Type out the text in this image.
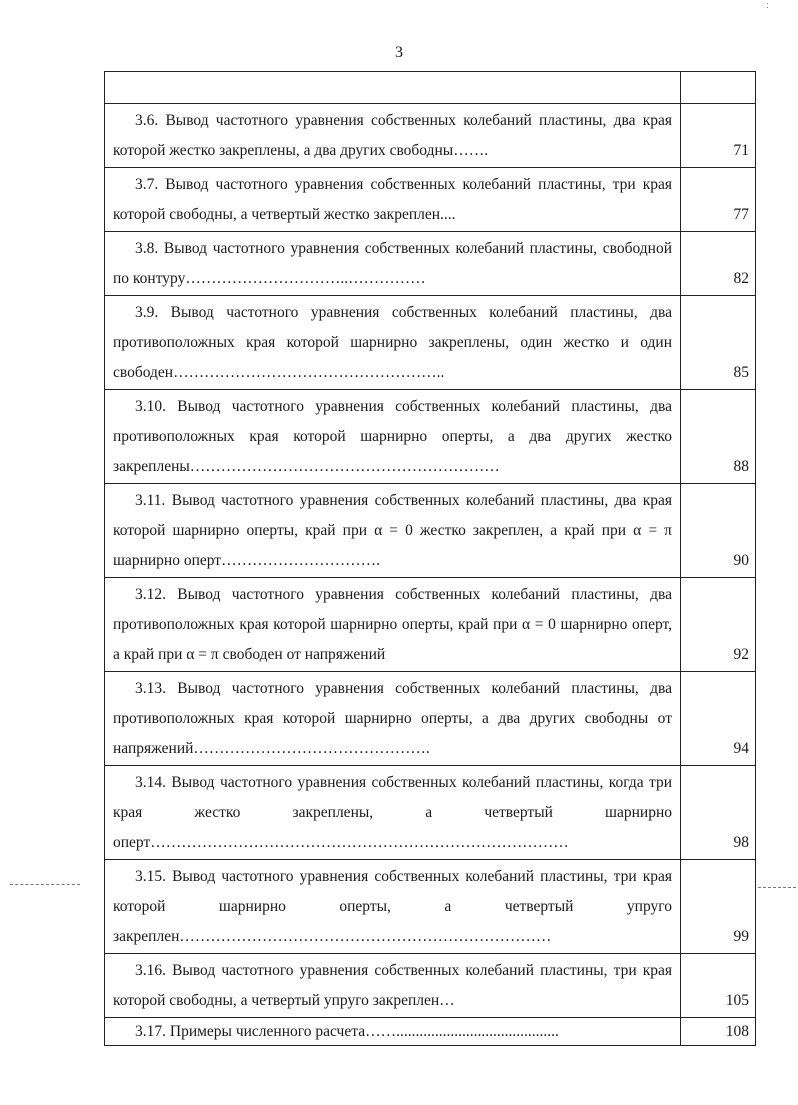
3

3.6. Вывод частотного уравнения собственных колебаний пластины, два края которой жестко закреплены, а два других свободны…….	71

3.7. Вывод частотного уравнения собственных колебаний пластины, три края которой свободны, а четвертый жестко закреплен....	77

3.8. Вывод частотного уравнения собственных колебаний пластины, свободной по контуру…………………………..……………	82

3.9. Вывод частотного уравнения собственных колебаний пластины, два противоположных края которой шарнирно закреплены, один жестко и один свободен……………………………………………..	85

3.10. Вывод частотного уравнения собственных колебаний пластины, два противоположных края которой шарнирно оперты, а два других жестко закреплены……………………………………………………	88

3.11. Вывод частотного уравнения собственных колебаний пластины, два края которой шарнирно оперты, край при α = 0 жестко закреплен, а край при α = π шарнирно оперт………………………….	90

3.12. Вывод частотного уравнения собственных колебаний пластины, два противоположных края которой шарнирно оперты, край при α = 0 шарнирно оперт, а край при α = π свободен от напряжений	92

3.13. Вывод частотного уравнения собственных колебаний пластины, два противоположных края которой шарнирно оперты, а два других свободны от напряжений……………………………………….	94

3.14. Вывод частотного уравнения собственных колебаний пластины, когда три края жестко закреплены, а четвертый шарнирно оперт………………………………………………………………………	98

3.15. Вывод частотного уравнения собственных колебаний пластины, три края которой шарнирно оперты, а четвертый упруго закреплен………………………………………………………………	99

3.16. Вывод частотного уравнения собственных колебаний пластины, три края которой свободны, а четвертый упруго закреплен…	105

3.17. Примеры численного расчета……..........................................	108
:
